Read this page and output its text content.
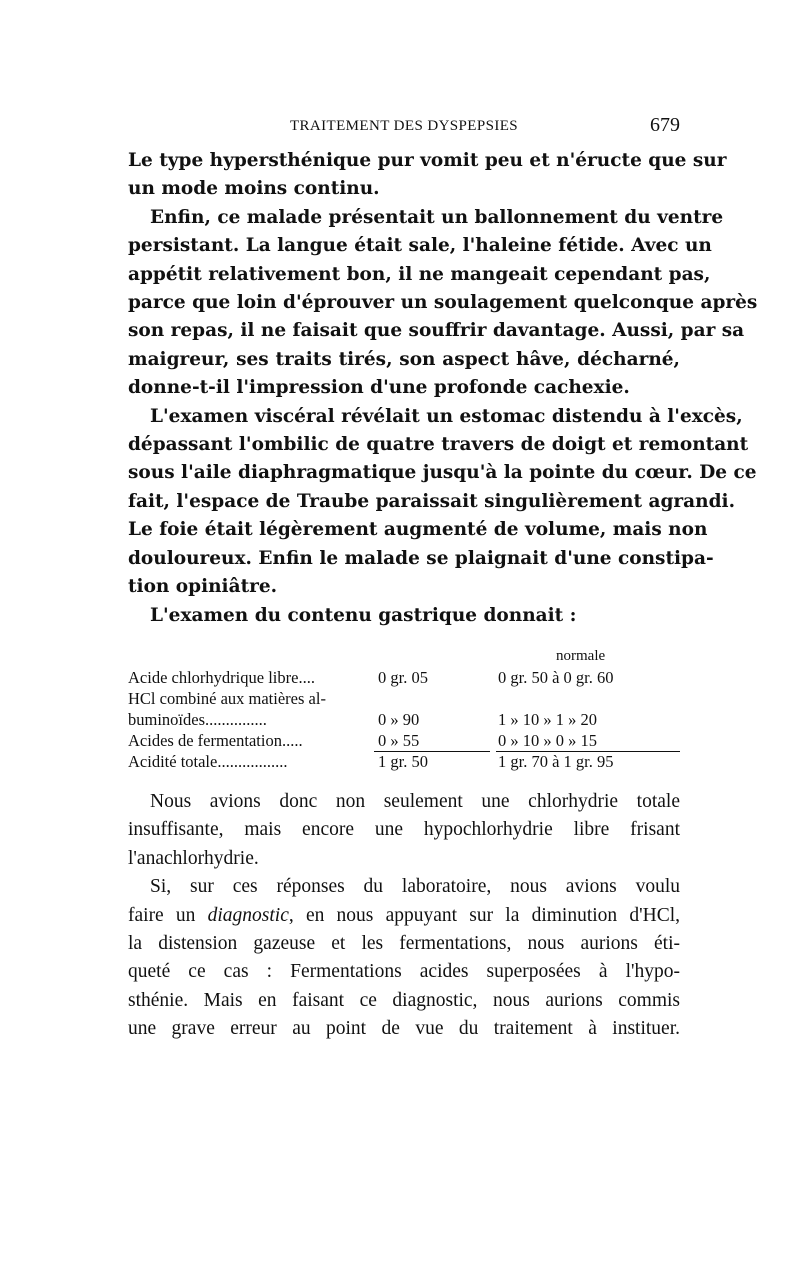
TRAITEMENT DES DYSPEPSIES	679

Le type hypersthénique pur vomit peu et n'éructe que sur
un mode moins continu.

Enfin, ce malade présentait un ballonnement du ventre
persistant. La langue était sale, l'haleine fétide. Avec un
appétit relativement bon, il ne mangeait cependant pas,
parce que loin d'éprouver un soulagement quelconque après
son repas, il ne faisait que souffrir davantage. Aussi, par sa
maigreur, ses traits tirés, son aspect hâve, décharné,
donne-t-il l'impression d'une profonde cachexie.

L'examen viscéral révélait un estomac distendu à l'excès,
dépassant l'ombilic de quatre travers de doigt et remontant
sous l'aile diaphragmatique jusqu'à la pointe du cœur. De ce
fait, l'espace de Traube paraissait singulièrement agrandi.
Le foie était légèrement augmenté de volume, mais non
douloureux. Enfin le malade se plaignait d'une constipa-
tion opiniâtre.

L'examen du contenu gastrique donnait :

normale
Acide chlorhydrique libre....	0 gr. 05	0 gr. 50 à 0 gr. 60
HCl combiné aux matières al-
buminoïdes...............	0 » 90	1 » 10 » 1 » 20
Acides de fermentation.....	0 » 55	0 » 10 » 0 » 15
Acidité totale.................	1 gr. 50	1 gr. 70 à 1 gr. 95

Nous avions donc non seulement une chlorhydrie totale
insuffisante, mais encore une hypochlorhydrie libre frisant
l'anachlorhydrie.

Si, sur ces réponses du laboratoire, nous avions voulu
faire un diagnostic, en nous appuyant sur la diminution d'HCl,
la distension gazeuse et les fermentations, nous aurions éti-
queté ce cas : Fermentations acides superposées à l'hypo-
sthénie. Mais en faisant ce diagnostic, nous aurions commis
une grave erreur au point de vue du traitement à instituer.
